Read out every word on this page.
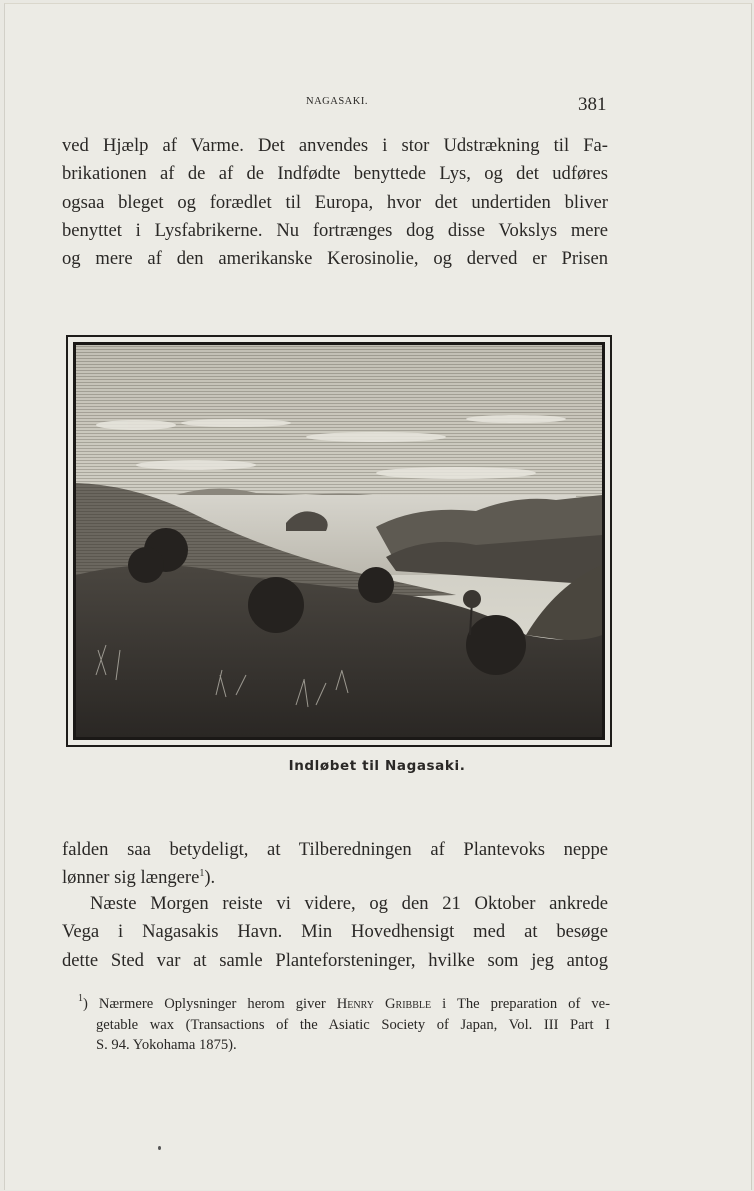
NAGASAKI.	381
ved Hjælp af Varme. Det anvendes i stor Udstrækning til Fa-
brikationen af de af de Indfødte benyttede Lys, og det udføres
ogsaa bleget og forædlet til Europa, hvor det undertiden bliver
benyttet i Lysfabrikerne. Nu fortrænges dog disse Vokslys mere
og mere af den amerikanske Kerosinolie, og derved er Prisen
Indløbet til Nagasaki.
falden saa betydeligt, at Tilberedningen af Plantevoks neppe
lønner sig længere$^1$).
Næste Morgen reiste vi videre, og den 21 Oktober ankrede
Vega i Nagasakis Havn. Min Hovedhensigt med at besøge
dette Sted var at samle Planteforsteninger, hvilke som jeg antog
$^1$) Nærmere Oplysninger herom giver Henry Gribble i The preparation of ve-
getable wax (Transactions of the Asiatic Society of Japan, Vol. III Part I
S. 94. Yokohama 1875).
